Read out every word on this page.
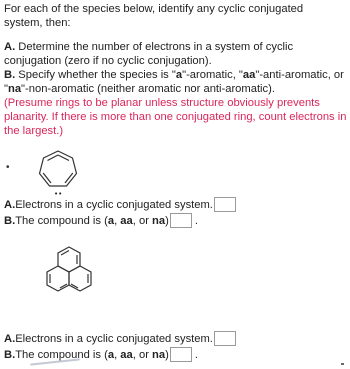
For each of the species below, identify any cyclic conjugated system, then:
A. Determine the number of electrons in a system of cyclic conjugation (zero if no cyclic conjugation).
B. Specify whether the species is "a"-aromatic, "aa"-anti-aromatic, or "na"-non-aromatic (neither aromatic nor anti-aromatic).
(Presume rings to be planar unless structure obviously prevents planarity. If there is more than one conjugated ring, count electrons in the largest.)
•
••
A.Electrons in a cyclic conjugated system.
B.The compound is (a, aa, or na) .
A.Electrons in a cyclic conjugated system.
B.The compound is (a, aa, or na) .
